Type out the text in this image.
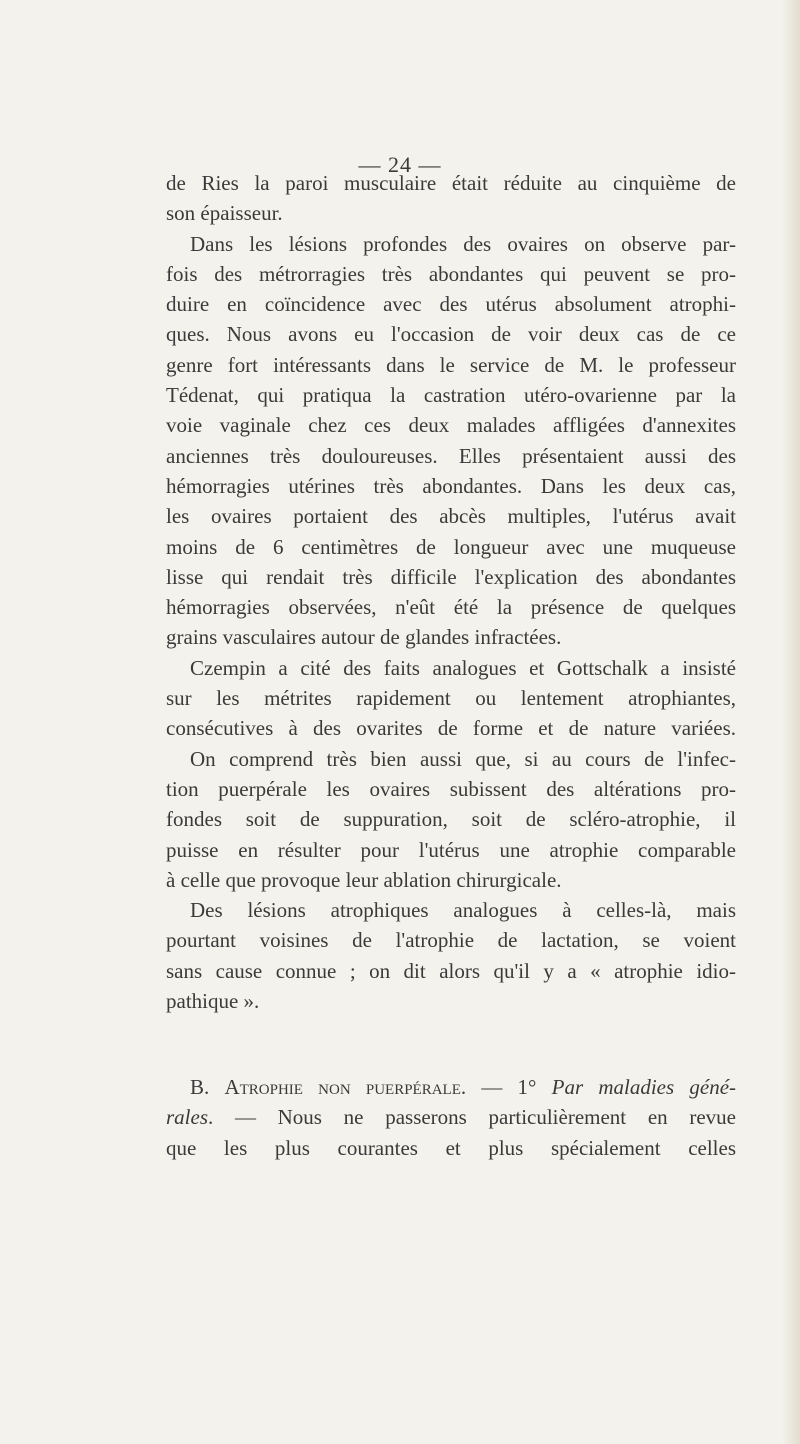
— 24 —
de Ries la paroi musculaire était réduite au cinquième de
son épaisseur.
Dans les lésions profondes des ovaires on observe par-
fois des métrorragies très abondantes qui peuvent se pro-
duire en coïncidence avec des utérus absolument atrophi-
ques. Nous avons eu l'occasion de voir deux cas de ce
genre fort intéressants dans le service de M. le professeur
Tédenat, qui pratiqua la castration utéro-ovarienne par la
voie vaginale chez ces deux malades affligées d'annexites
anciennes très douloureuses. Elles présentaient aussi des
hémorragies utérines très abondantes. Dans les deux cas,
les ovaires portaient des abcès multiples, l'utérus avait
moins de 6 centimètres de longueur avec une muqueuse
lisse qui rendait très difficile l'explication des abondantes
hémorragies observées, n'eût été la présence de quelques
grains vasculaires autour de glandes infractées.
Czempin a cité des faits analogues et Gottschalk a insisté
sur les métrites rapidement ou lentement atrophiantes,
consécutives à des ovarites de forme et de nature variées.
On comprend très bien aussi que, si au cours de l'infec-
tion puerpérale les ovaires subissent des altérations pro-
fondes soit de suppuration, soit de scléro-atrophie, il
puisse en résulter pour l'utérus une atrophie comparable
à celle que provoque leur ablation chirurgicale.
Des lésions atrophiques analogues à celles-là, mais
pourtant voisines de l'atrophie de lactation, se voient
sans cause connue ; on dit alors qu'il y a « atrophie idio-
pathique ».
B. Atrophie non puerpérale. — 1° Par maladies géné-
rales. — Nous ne passerons particulièrement en revue
que les plus courantes et plus spécialement celles
